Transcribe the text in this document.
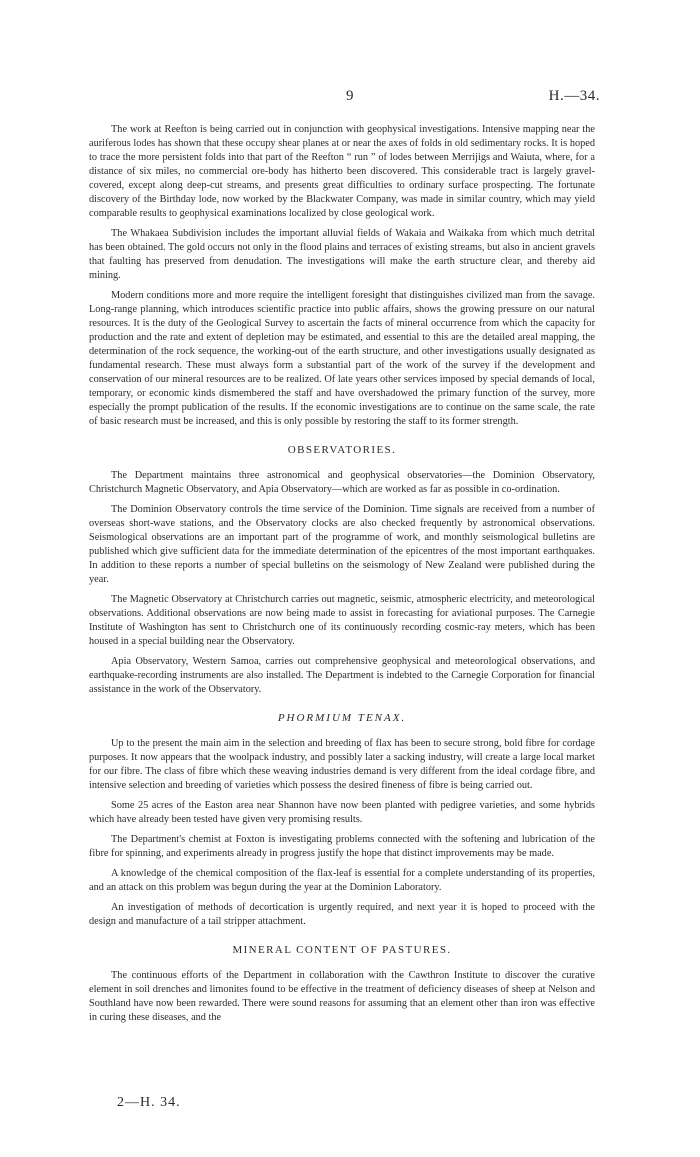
9	H.—34.

The work at Reefton is being carried out in conjunction with geophysical investigations. Intensive mapping near the auriferous lodes has shown that these occupy shear planes at or near the axes of folds in old sedimentary rocks. It is hoped to trace the more persistent folds into that part of the Reefton “ run ” of lodes between Merrijigs and Waiuta, where, for a distance of six miles, no commercial ore-body has hitherto been discovered. This considerable tract is largely gravel-covered, except along deep-cut streams, and presents great difficulties to ordinary surface prospecting. The fortunate discovery of the Birthday lode, now worked by the Blackwater Company, was made in similar country, which may yield comparable results to geophysical examinations localized by close geological work.

The Whakaea Subdivision includes the important alluvial fields of Wakaia and Waikaka from which much detrital has been obtained. The gold occurs not only in the flood plains and terraces of existing streams, but also in ancient gravels that faulting has preserved from denudation. The investigations will make the earth structure clear, and thereby aid mining.

Modern conditions more and more require the intelligent foresight that distinguishes civilized man from the savage. Long-range planning, which introduces scientific practice into public affairs, shows the growing pressure on our natural resources. It is the duty of the Geological Survey to ascertain the facts of mineral occurrence from which the capacity for production and the rate and extent of depletion may be estimated, and essential to this are the detailed areal mapping, the determination of the rock sequence, the working-out of the earth structure, and other investigations usually designated as fundamental research. These must always form a substantial part of the work of the survey if the development and conservation of our mineral resources are to be realized. Of late years other services imposed by special demands of local, temporary, or economic kinds dismembered the staff and have overshadowed the primary function of the survey, more especially the prompt publication of the results. If the economic investigations are to continue on the same scale, the rate of basic research must be increased, and this is only possible by restoring the staff to its former strength.

OBSERVATORIES.

The Department maintains three astronomical and geophysical observatories—the Dominion Observatory, Christchurch Magnetic Observatory, and Apia Observatory—which are worked as far as possible in co-ordination.

The Dominion Observatory controls the time service of the Dominion. Time signals are received from a number of overseas short-wave stations, and the Observatory clocks are also checked frequently by astronomical observations. Seismological observations are an important part of the programme of work, and monthly seismological bulletins are published which give sufficient data for the immediate determination of the epicentres of the most important earthquakes. In addition to these reports a number of special bulletins on the seismology of New Zealand were published during the year.

The Magnetic Observatory at Christchurch carries out magnetic, seismic, atmospheric electricity, and meteorological observations. Additional observations are now being made to assist in forecasting for aviational purposes. The Carnegie Institute of Washington has sent to Christchurch one of its continuously recording cosmic-ray meters, which has been housed in a special building near the Observatory.

Apia Observatory, Western Samoa, carries out comprehensive geophysical and meteorological observations, and earthquake-recording instruments are also installed. The Department is indebted to the Carnegie Corporation for financial assistance in the work of the Observatory.

PHORMIUM TENAX.

Up to the present the main aim in the selection and breeding of flax has been to secure strong, bold fibre for cordage purposes. It now appears that the woolpack industry, and possibly later a sacking industry, will create a large local market for our fibre. The class of fibre which these weaving industries demand is very different from the ideal cordage fibre, and intensive selection and breeding of varieties which possess the desired fineness of fibre is being carried out.

Some 25 acres of the Easton area near Shannon have now been planted with pedigree varieties, and some hybrids which have already been tested have given very promising results.

The Department's chemist at Foxton is investigating problems connected with the softening and lubrication of the fibre for spinning, and experiments already in progress justify the hope that distinct improvements may be made.

A knowledge of the chemical composition of the flax-leaf is essential for a complete understanding of its properties, and an attack on this problem was begun during the year at the Dominion Laboratory.

An investigation of methods of decortication is urgently required, and next year it is hoped to proceed with the design and manufacture of a tail stripper attachment.

MINERAL CONTENT OF PASTURES.

The continuous efforts of the Department in collaboration with the Cawthron Institute to discover the curative element in soil drenches and limonites found to be effective in the treatment of deficiency diseases of sheep at Nelson and Southland have now been rewarded. There were sound reasons for assuming that an element other than iron was effective in curing these diseases, and the

2—H. 34.
